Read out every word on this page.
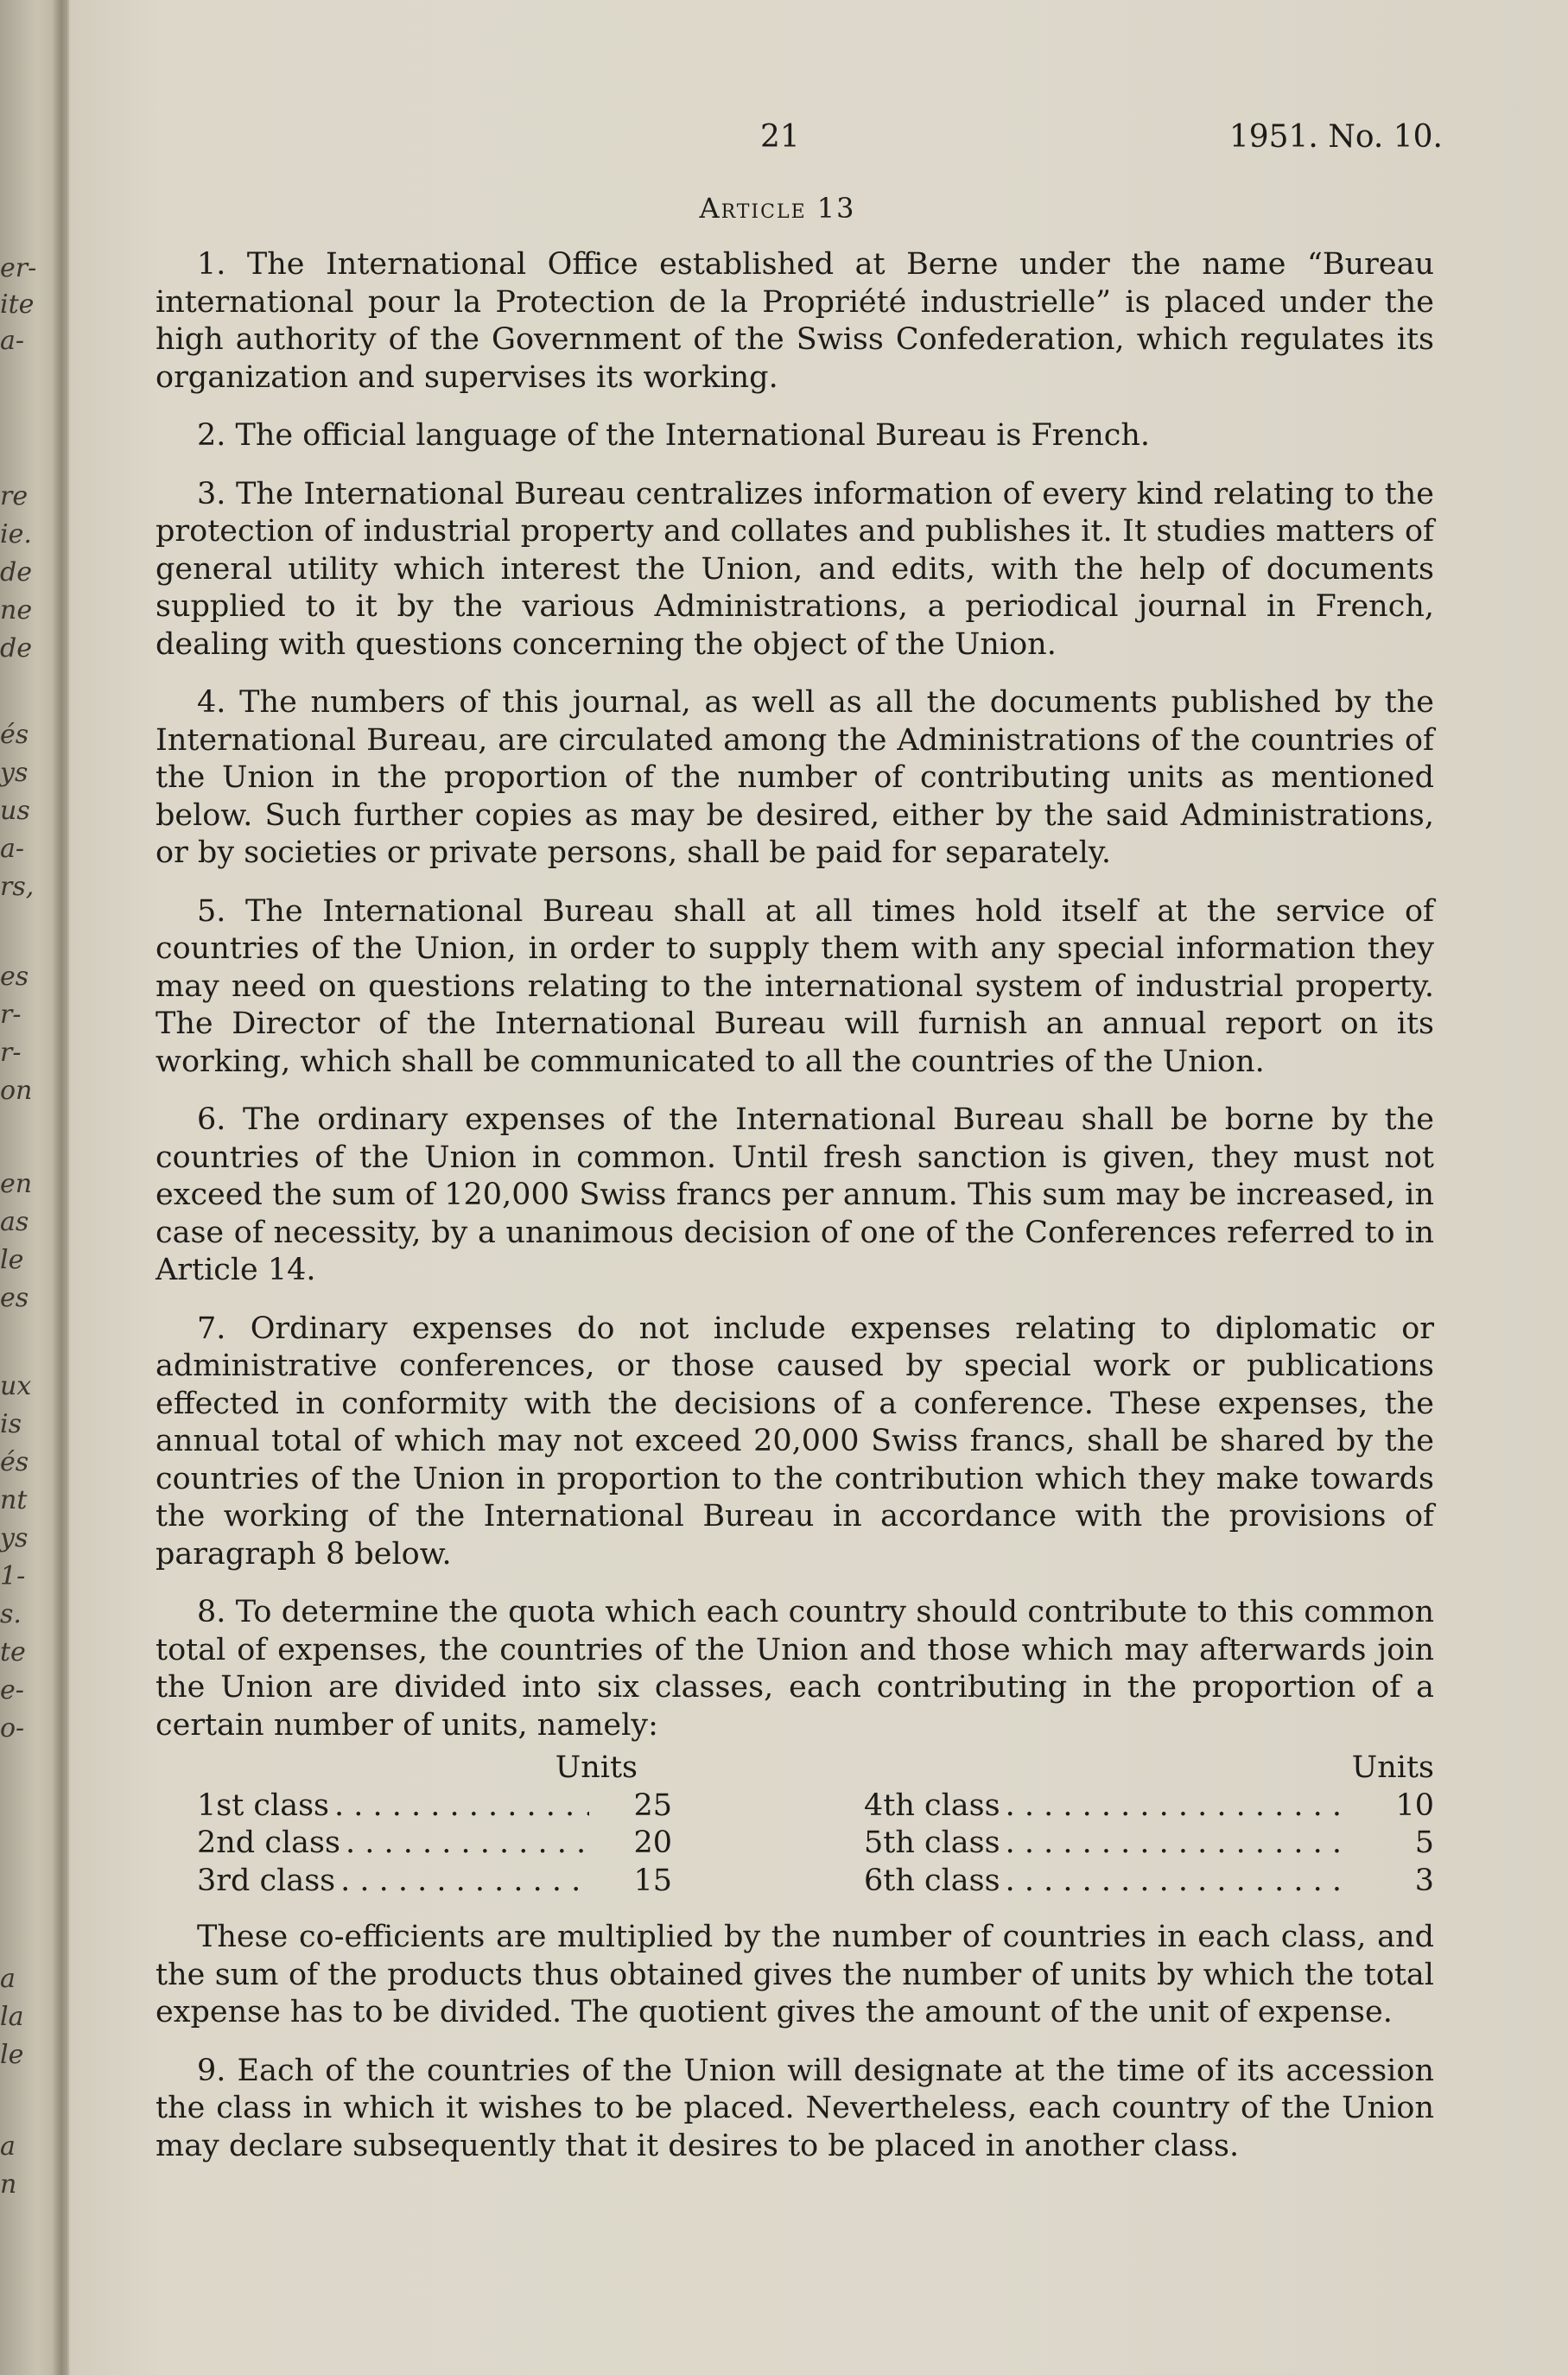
er-
ite
a-
re
ie.
de
ne
de
és
ys
us
a-
rs,
es
r-
r-
on
en
as
le
es
ux
is
és
nt
ys
1-
s.
te
e-
o-
a
la
le
a
n
21	1951. No. 10.
Article 13

1. The International Office established at Berne under the name “Bureau international pour la Protection de la Propriété industrielle” is placed under the high authority of the Government of the Swiss Confederation, which regulates its organization and supervises its working.

2. The official language of the International Bureau is French.

3. The International Bureau centralizes information of every kind relating to the protection of industrial property and collates and publishes it. It studies matters of general utility which interest the Union, and edits, with the help of documents supplied to it by the various Administrations, a periodical journal in French, dealing with questions concerning the object of the Union.

4. The numbers of this journal, as well as all the documents published by the International Bureau, are circulated among the Administrations of the countries of the Union in the proportion of the number of contributing units as mentioned below. Such further copies as may be desired, either by the said Administrations, or by societies or private persons, shall be paid for separately.

5. The International Bureau shall at all times hold itself at the service of countries of the Union, in order to supply them with any special information they may need on questions relating to the international system of industrial property. The Director of the International Bureau will furnish an annual report on its working, which shall be communicated to all the countries of the Union.

6. The ordinary expenses of the International Bureau shall be borne by the countries of the Union in common. Until fresh sanction is given, they must not exceed the sum of 120,000 Swiss francs per annum. This sum may be increased, in case of necessity, by a unanimous decision of one of the Conferences referred to in Article 14.

7. Ordinary expenses do not include expenses relating to diplomatic or administrative conferences, or those caused by special work or publications effected in conformity with the decisions of a conference. These expenses, the annual total of which may not exceed 20,000 Swiss francs, shall be shared by the countries of the Union in proportion to the contribution which they make towards the working of the International Bureau in accordance with the provisions of paragraph 8 below.

8. To determine the quota which each country should contribute to this common total of expenses, the countries of the Union and those which may afterwards join the Union are divided into six classes, each contributing in the proportion of a certain number of units, namely:

Units
1st class . . .	25
2nd class . . .	20
3rd class . . .	15
Units
4th class . . .	10
5th class . . .	5
6th class . . .	3

These co-efficients are multiplied by the number of countries in each class, and the sum of the products thus obtained gives the number of units by which the total expense has to be divided. The quotient gives the amount of the unit of expense.

9. Each of the countries of the Union will designate at the time of its accession the class in which it wishes to be placed. Nevertheless, each country of the Union may declare subsequently that it desires to be placed in another class.
